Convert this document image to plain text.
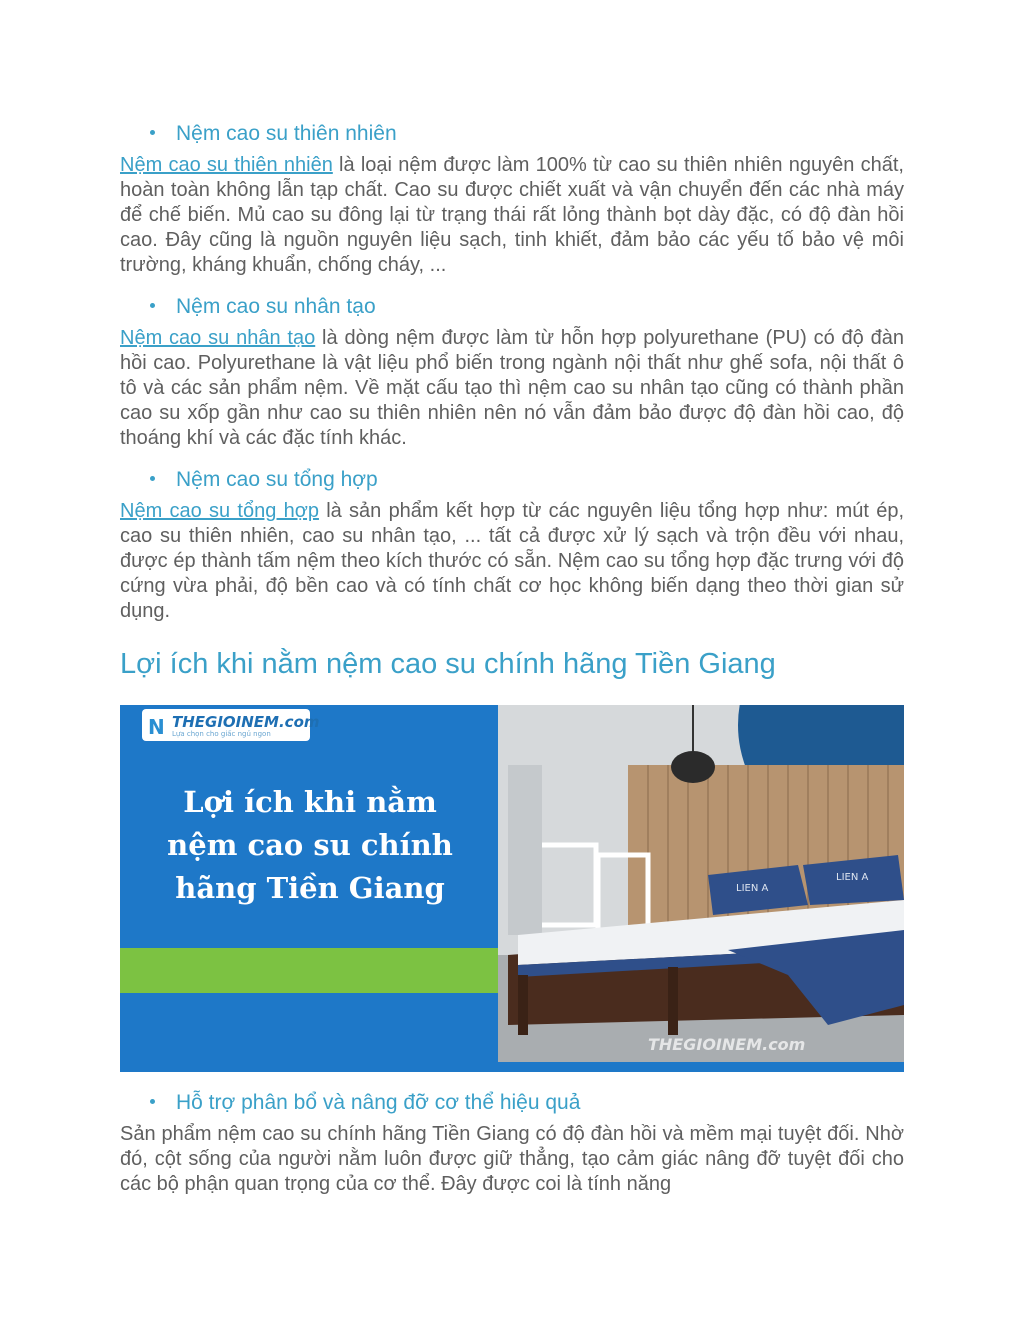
Nệm cao su thiên nhiên
Nệm cao su thiên nhiên là loại nệm được làm 100% từ cao su thiên nhiên nguyên chất, hoàn toàn không lẫn tạp chất. Cao su được chiết xuất và vận chuyển đến các nhà máy để chế biến. Mủ cao su đông lại từ trạng thái rất lỏng thành bọt dày đặc, có độ đàn hồi cao. Đây cũng là nguồn nguyên liệu sạch, tinh khiết, đảm bảo các yếu tố bảo vệ môi trường, kháng khuẩn, chống cháy, ...
Nệm cao su nhân tạo
Nệm cao su nhân tạo là dòng nệm được làm từ hỗn hợp polyurethane (PU) có độ đàn hồi cao. Polyurethane là vật liệu phổ biến trong ngành nội thất như ghế sofa, nội thất ô tô và các sản phẩm nệm. Về mặt cấu tạo thì nệm cao su nhân tạo cũng có thành phần cao su xốp gần như cao su thiên nhiên nên nó vẫn đảm bảo được độ đàn hồi cao, độ thoáng khí và các đặc tính khác.
Nệm cao su tổng hợp
Nệm cao su tổng hợp là sản phẩm kết hợp từ các nguyên liệu tổng hợp như: mút ép, cao su thiên nhiên, cao su nhân tạo, ... tất cả được xử lý sạch và trộn đều với nhau, được ép thành tấm nệm theo kích thước có sẵn. Nệm cao su tổng hợp đặc trưng với độ cứng vừa phải, độ bền cao và có tính chất cơ học không biến dạng theo thời gian sử dụng.
Lợi ích khi nằm nệm cao su chính hãng Tiền Giang
N THEGIOINEM.com
Lựa chọn cho giấc ngủ ngon
Lợi ích khi nằm
nệm cao su chính
hãng Tiền Giang	LIEN A
LIEN A
THEGIOINEM.com
Hỗ trợ phân bổ và nâng đỡ cơ thể hiệu quả
Sản phẩm nệm cao su chính hãng Tiền Giang có độ đàn hồi và mềm mại tuyệt đối. Nhờ đó, cột sống của người nằm luôn được giữ thẳng, tạo cảm giác nâng đỡ tuyệt đối cho các bộ phận quan trọng của cơ thể. Đây được coi là tính năng
